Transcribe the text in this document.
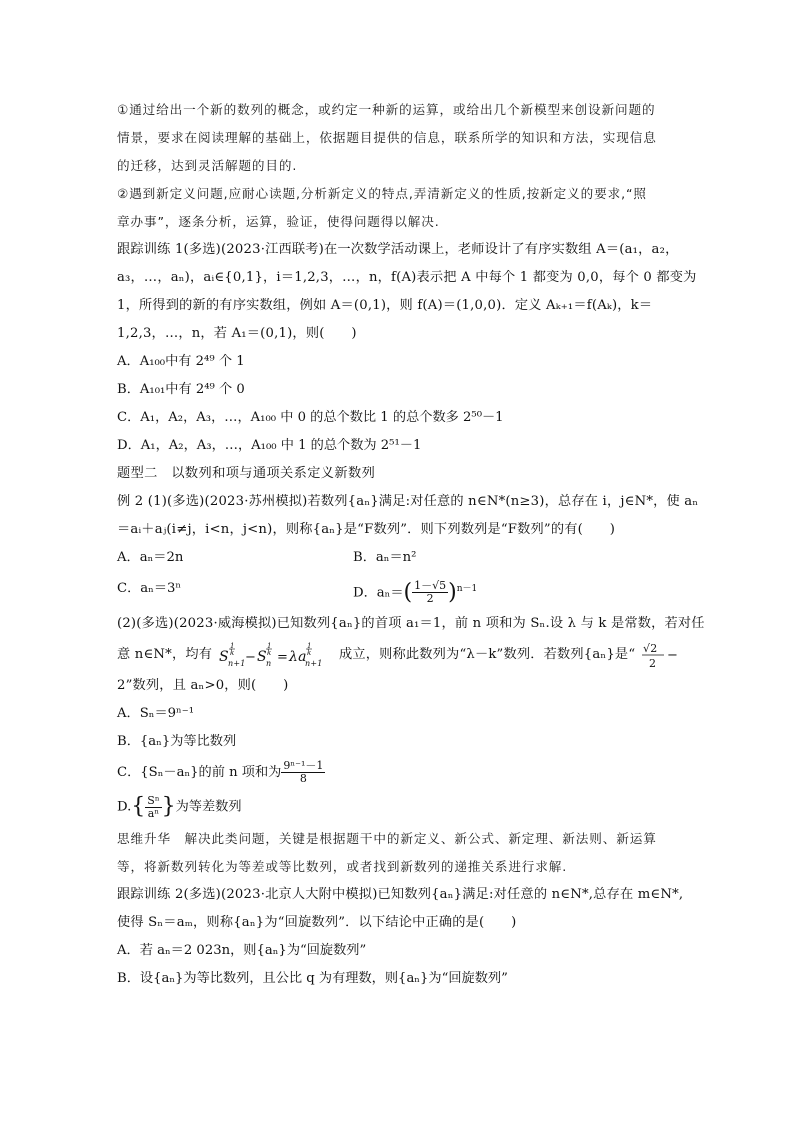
①通过给出一个新的数列的概念，或约定一种新的运算，或给出几个新模型来创设新问题的
情景，要求在阅读理解的基础上，依据题目提供的信息，联系所学的知识和方法，实现信息
的迁移，达到灵活解题的目的.
②遇到新定义问题,应耐心读题,分析新定义的特点,弄清新定义的性质,按新定义的要求,“照
章办事”，逐条分析，运算，验证，使得问题得以解决.
跟踪训练 1(多选)(2023·江西联考)在一次数学活动课上，老师设计了有序实数组 A＝(a₁，a₂，
a₃，…，aₙ)，aᵢ∈{0,1}，i＝1,2,3，…，n，f(A)表示把 A 中每个 1 都变为 0,0，每个 0 都变为
1，所得到的新的有序实数组，例如 A＝(0,1)，则 f(A)＝(1,0,0)．定义 Aₖ₊₁＝f(Aₖ)，k＝
1,2,3，…，n，若 A₁＝(0,1)，则(　　)
A．A₁₀₀中有 2⁴⁹ 个 1
B．A₁₀₁中有 2⁴⁹ 个 0
C．A₁，A₂，A₃，…，A₁₀₀ 中 0 的总个数比 1 的总个数多 2⁵⁰－1
D．A₁，A₂，A₃，…，A₁₀₀ 中 1 的总个数为 2⁵¹－1
题型二　以数列和项与通项关系定义新数列
例 2 (1)(多选)(2023·苏州模拟)若数列{aₙ}满足:对任意的 n∈N*(n≥3)，总存在 i，j∈N*，使 aₙ
＝aᵢ＋aⱼ(i≠j，i<n，j<n)，则称{aₙ}是“F数列”．则下列数列是“F数列”的有(　　)
A．aₙ＝2n	B．aₙ＝n²
C．aₙ＝3ⁿ	D．$a_n=( \frac{1-√5}{2} )^{n-1}$
(2)(多选)(2023·威海模拟)已知数列{aₙ}的首项 a₁＝1，前 n 项和为 Sₙ.设 λ 与 k 是常数，若对任
意 n∈N*，均有 S n+1
1
k − S n
1
k = λa
n+1
1
k 成立，则称此数列为“λ－k”数列．若数列{aₙ}是“ √2
2
−
2”数列，且 aₙ>0，则(　　)
A．Sₙ＝9ⁿ⁻¹
B．{aₙ}为等比数列
C．{Sₙ－aₙ}的前 n 项和为 $\frac{\text{9ⁿ⁻¹－1}}{8}$
$D.\{ \frac{\text{Sⁿ}}{\text{aⁿ}}$ }为等差数列
思维升华　解决此类问题，关键是根据题干中的新定义、新公式、新定理、新法则、新运算
等，将新数列转化为等差或等比数列，或者找到新数列的递推关系进行求解.
跟踪训练 2(多选)(2023·北京人大附中模拟)已知数列{aₙ}满足:对任意的 n∈N*,总存在 m∈N*,
使得 Sₙ＝aₘ，则称{aₙ}为“回旋数列”．以下结论中正确的是(　　)
A．若 aₙ＝2 023n，则{aₙ}为“回旋数列”
B．设{aₙ}为等比数列，且公比 q 为有理数，则{aₙ}为“回旋数列”
